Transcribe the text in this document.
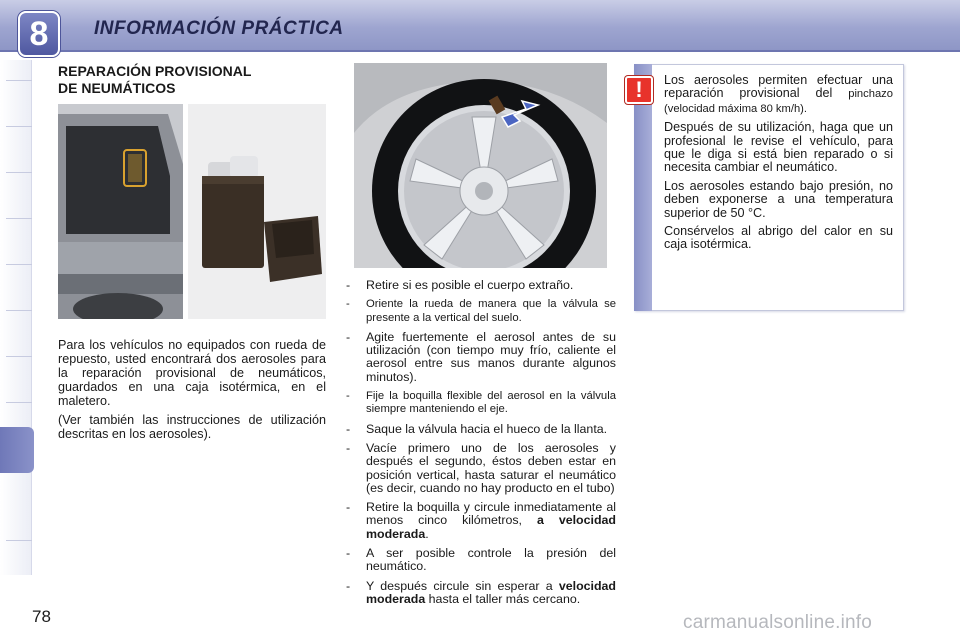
8	INFORMACIÓN PRÁCTICA
REPARACIÓN PROVISIONAL
DE NEUMÁTICOS

Para los vehículos no equipados con rueda de repuesto, usted encontrará dos aerosoles para la reparación provisional de neumáticos, guardados en una caja isotérmica, en el maletero.

(Ver también las instrucciones de utilización descritas en los aerosoles).

- Retire si es posible el cuerpo extraño.
- Oriente la rueda de manera que la válvula se presente a la vertical del suelo.
- Agite fuertemente el aerosol antes de su utilización (con tiempo muy frío, caliente el aerosol entre sus manos durante algunos minutos).
- Fije la boquilla flexible del aerosol en la válvula siempre manteniendo el eje.
- Saque la válvula hacia el hueco de la llanta.
- Vacíe primero uno de los aerosoles y después el segundo, éstos deben estar en posición vertical, hasta saturar el neumático (es decir, cuando no hay producto en el tubo)
- Retire la boquilla y circule inmediatamente al menos cinco kilómetros, a velocidad moderada.
- A ser posible controle la presión del neumático.
- Y después circule sin esperar a velocidad moderada hasta el taller más cercano.
!	Los aerosoles permiten efectuar una reparación provisional del pinchazo (velocidad máxima 80 km/h).

Después de su utilización, haga que un profesional le revise el vehículo, para que le diga si está bien reparado o si necesita cambiar el neumático.

Los aerosoles estando bajo presión, no deben exponerse a una temperatura superior de 50 °C.

Consérvelos al abrigo del calor en su caja isotérmica.

78	carmanualsonline.info
